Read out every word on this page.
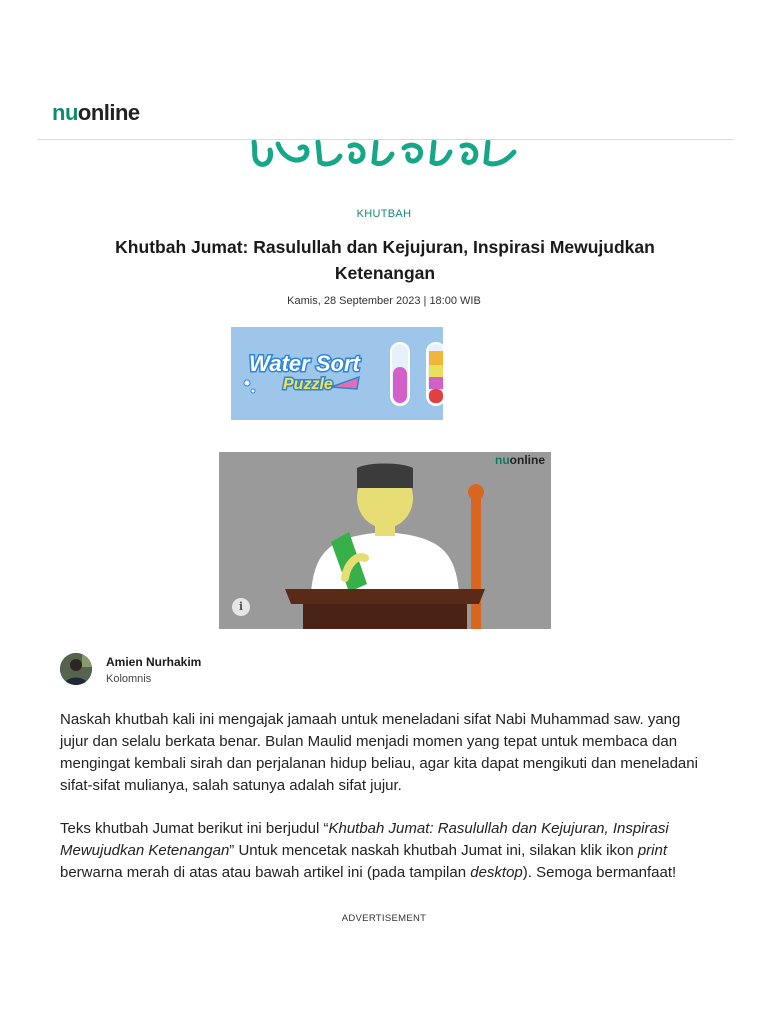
nuonline
KHUTBAH
Khutbah Jumat: Rasulullah dan Kejujuran, Inspirasi Mewujudkan Ketenangan
Kamis, 28 September 2023 | 18:00 WIB
Water Sort
Puzzle
nuonline
i
Amien Nurhakim
Kolomnis

Naskah khutbah kali ini mengajak jamaah untuk meneladani sifat Nabi Muhammad saw. yang jujur dan selalu berkata benar. Bulan Maulid menjadi momen yang tepat untuk membaca dan mengingat kembali sirah dan perjalanan hidup beliau, agar kita dapat mengikuti dan meneladani sifat-sifat mulianya, salah satunya adalah sifat jujur.

Teks khutbah Jumat berikut ini berjudul “Khutbah Jumat: Rasulullah dan Kejujuran, Inspirasi Mewujudkan Ketenangan” Untuk mencetak naskah khutbah Jumat ini, silakan klik ikon print berwarna merah di atas atau bawah artikel ini (pada tampilan desktop). Semoga bermanfaat!

ADVERTISEMENT
